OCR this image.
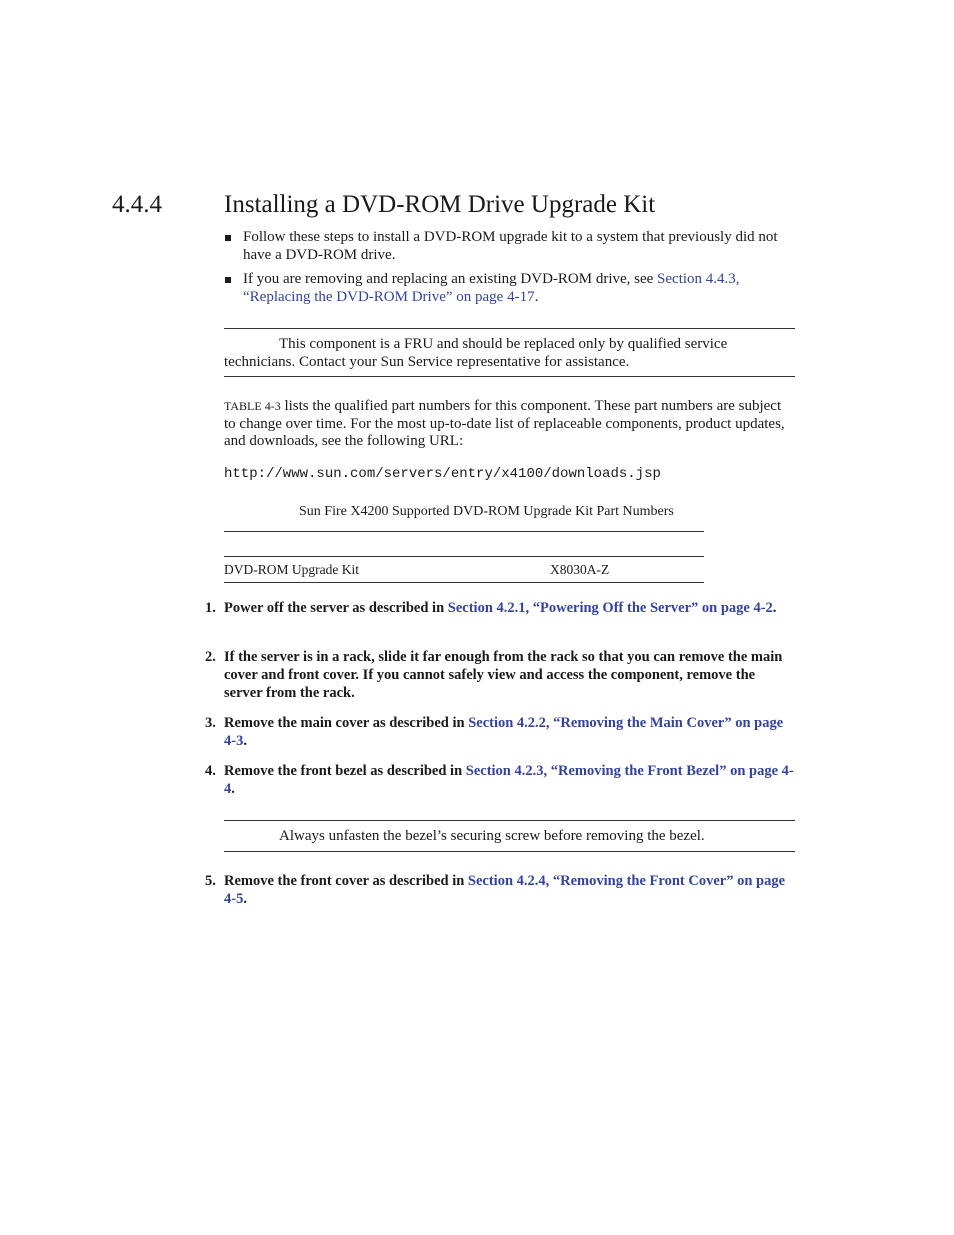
4.4.4 Installing a DVD-ROM Drive Upgrade Kit
Follow these steps to install a DVD-ROM upgrade kit to a system that previously did not have a DVD-ROM drive.
If you are removing and replacing an existing DVD-ROM drive, see Section 4.4.3, “Replacing the DVD-ROM Drive” on page 4-17.
This component is a FRU and should be replaced only by qualified service
technicians. Contact your Sun Service representative for assistance.
TABLE 4-3 lists the qualified part numbers for this component. These part numbers are subject to change over time. For the most up-to-date list of replaceable components, product updates, and downloads, see the following URL:
http://www.sun.com/servers/entry/x4100/downloads.jsp
Sun Fire X4200 Supported DVD-ROM Upgrade Kit Part Numbers
DVD-ROM Upgrade Kit	X8030A-Z
1. Power off the server as described in Section 4.2.1, “Powering Off the Server” on page 4-2.
2. If the server is in a rack, slide it far enough from the rack so that you can remove the main cover and front cover. If you cannot safely view and access the component, remove the server from the rack.
3. Remove the main cover as described in Section 4.2.2, “Removing the Main Cover” on page 4-3.
4. Remove the front bezel as described in Section 4.2.3, “Removing the Front Bezel” on page 4-4.
Always unfasten the bezel’s securing screw before removing the bezel.
5. Remove the front cover as described in Section 4.2.4, “Removing the Front Cover” on page 4-5.
